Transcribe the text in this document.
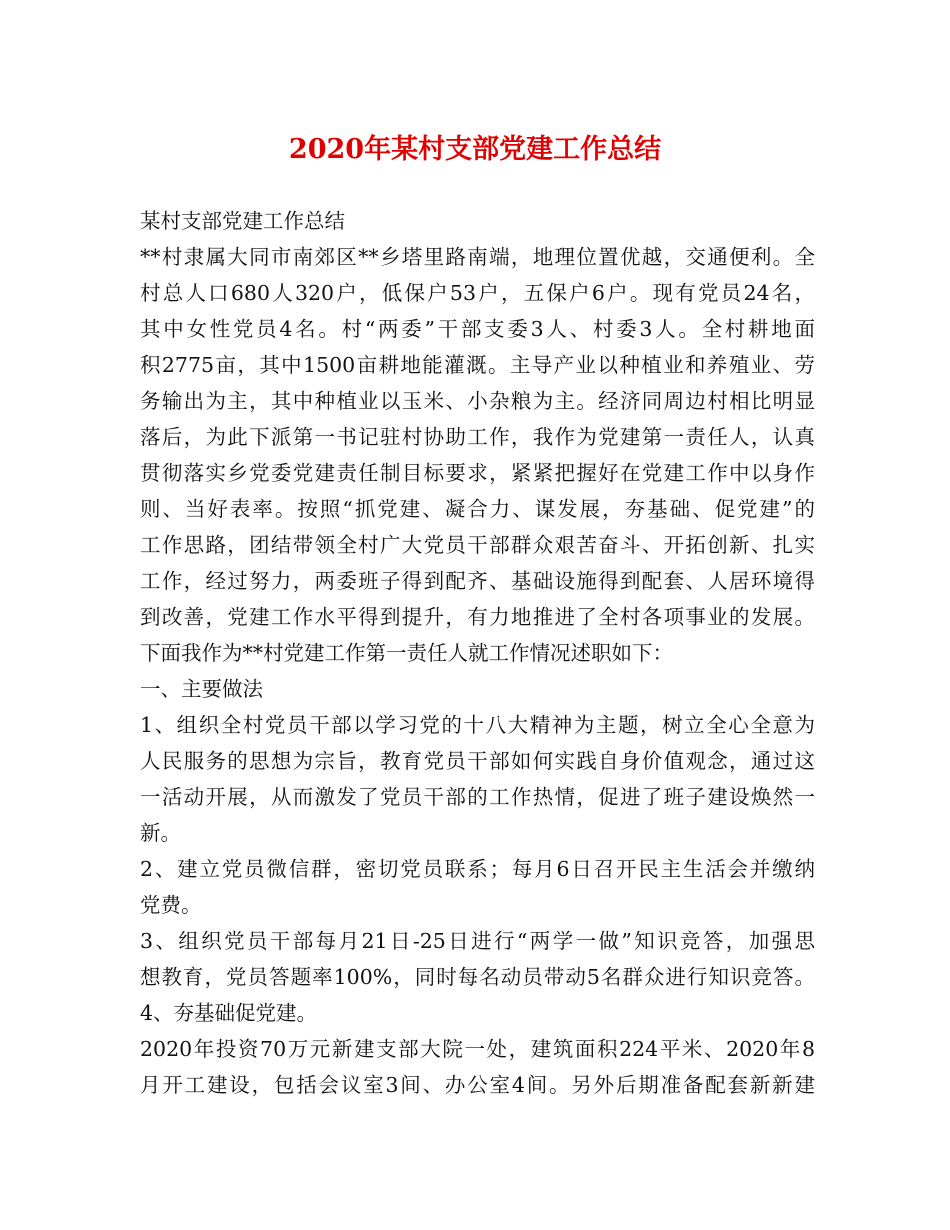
2020年某村支部党建工作总结
某村支部党建工作总结
**村隶属大同市南郊区**乡塔里路南端，地理位置优越，交通便利。全
村总人口680人320户，低保户53户，五保户6户。现有党员24名，
其中女性党员4名。村“两委”干部支委3人、村委3人。全村耕地面
积2775亩，其中1500亩耕地能灌溉。主导产业以种植业和养殖业、劳
务输出为主，其中种植业以玉米、小杂粮为主。经济同周边村相比明显
落后，为此下派第一书记驻村协助工作，我作为党建第一责任人，认真
贯彻落实乡党委党建责任制目标要求，紧紧把握好在党建工作中以身作
则、当好表率。按照“抓党建、凝合力、谋发展，夯基础、促党建”的
工作思路，团结带领全村广大党员干部群众艰苦奋斗、开拓创新、扎实
工作，经过努力，两委班子得到配齐、基础设施得到配套、人居环境得
到改善，党建工作水平得到提升，有力地推进了全村各项事业的发展。
下面我作为**村党建工作第一责任人就工作情况述职如下：
一、主要做法
1、组织全村党员干部以学习党的十八大精神为主题，树立全心全意为
人民服务的思想为宗旨，教育党员干部如何实践自身价值观念，通过这
一活动开展，从而激发了党员干部的工作热情，促进了班子建设焕然一
新。
2、建立党员微信群，密切党员联系；每月6日召开民主生活会并缴纳
党费。
3、组织党员干部每月21日-25日进行“两学一做”知识竞答，加强思
想教育，党员答题率100%，同时每名动员带动5名群众进行知识竞答。
4、夯基础促党建。
2020年投资70万元新建支部大院一处，建筑面积224平米、2020年8
月开工建设，包括会议室3间、办公室4间。另外后期准备配套新新建
